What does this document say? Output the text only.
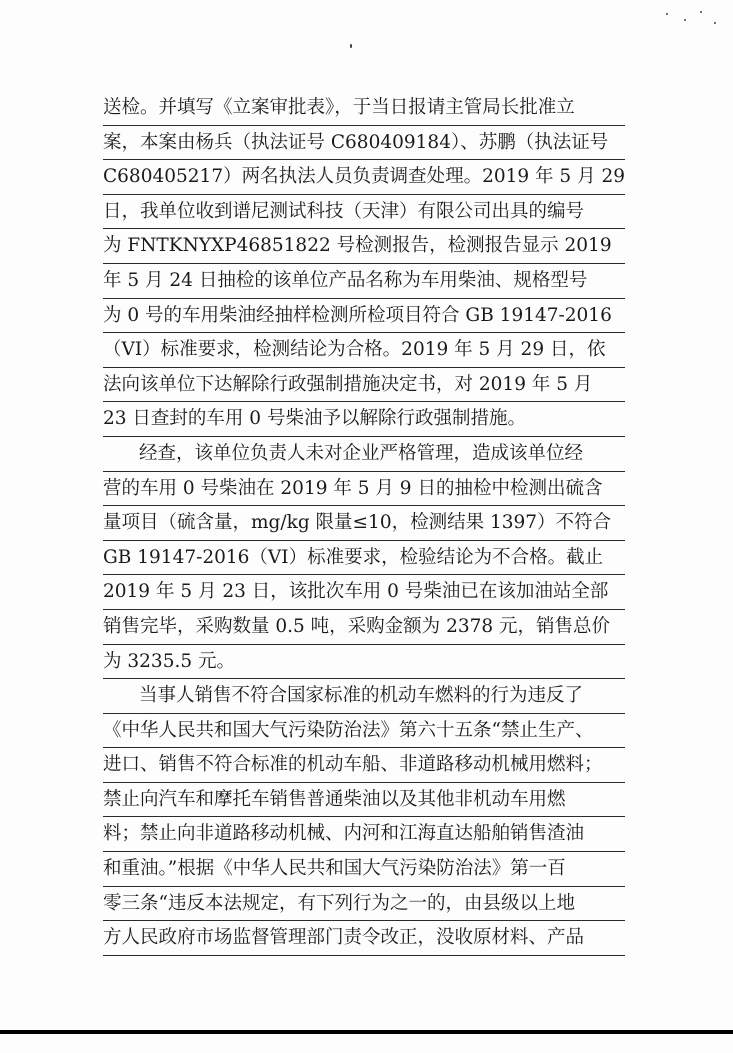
送检。并填写《立案审批表》，于当日报请主管局长批准立
案，本案由杨兵（执法证号 C680409184）、苏鹏（执法证号
C680405217）两名执法人员负责调查处理。2019 年 5 月 29
日，我单位收到谱尼测试科技（天津）有限公司出具的编号
为 FNTKNYXP46851822 号检测报告，检测报告显示 2019
年 5 月 24 日抽检的该单位产品名称为车用柴油、规格型号
为 0 号的车用柴油经抽样检测所检项目符合 GB 19147-2016
（VI）标准要求，检测结论为合格。2019 年 5 月 29 日，依
法向该单位下达解除行政强制措施决定书，对 2019 年 5 月
23 日查封的车用 0 号柴油予以解除行政强制措施。
经查，该单位负责人未对企业严格管理，造成该单位经
营的车用 0 号柴油在 2019 年 5 月 9 日的抽检中检测出硫含
量项目（硫含量，mg/kg 限量≤10，检测结果 1397）不符合
GB 19147-2016（VI）标准要求，检验结论为不合格。截止
2019 年 5 月 23 日，该批次车用 0 号柴油已在该加油站全部
销售完毕，采购数量 0.5 吨，采购金额为 2378 元，销售总价
为 3235.5 元。
当事人销售不符合国家标准的机动车燃料的行为违反了
《中华人民共和国大气污染防治法》第六十五条“禁止生产、
进口、销售不符合标准的机动车船、非道路移动机械用燃料；
禁止向汽车和摩托车销售普通柴油以及其他非机动车用燃
料；禁止向非道路移动机械、内河和江海直达船舶销售渣油
和重油。”根据《中华人民共和国大气污染防治法》第一百
零三条“违反本法规定，有下列行为之一的，由县级以上地
方人民政府市场监督管理部门责令改正，没收原材料、产品
